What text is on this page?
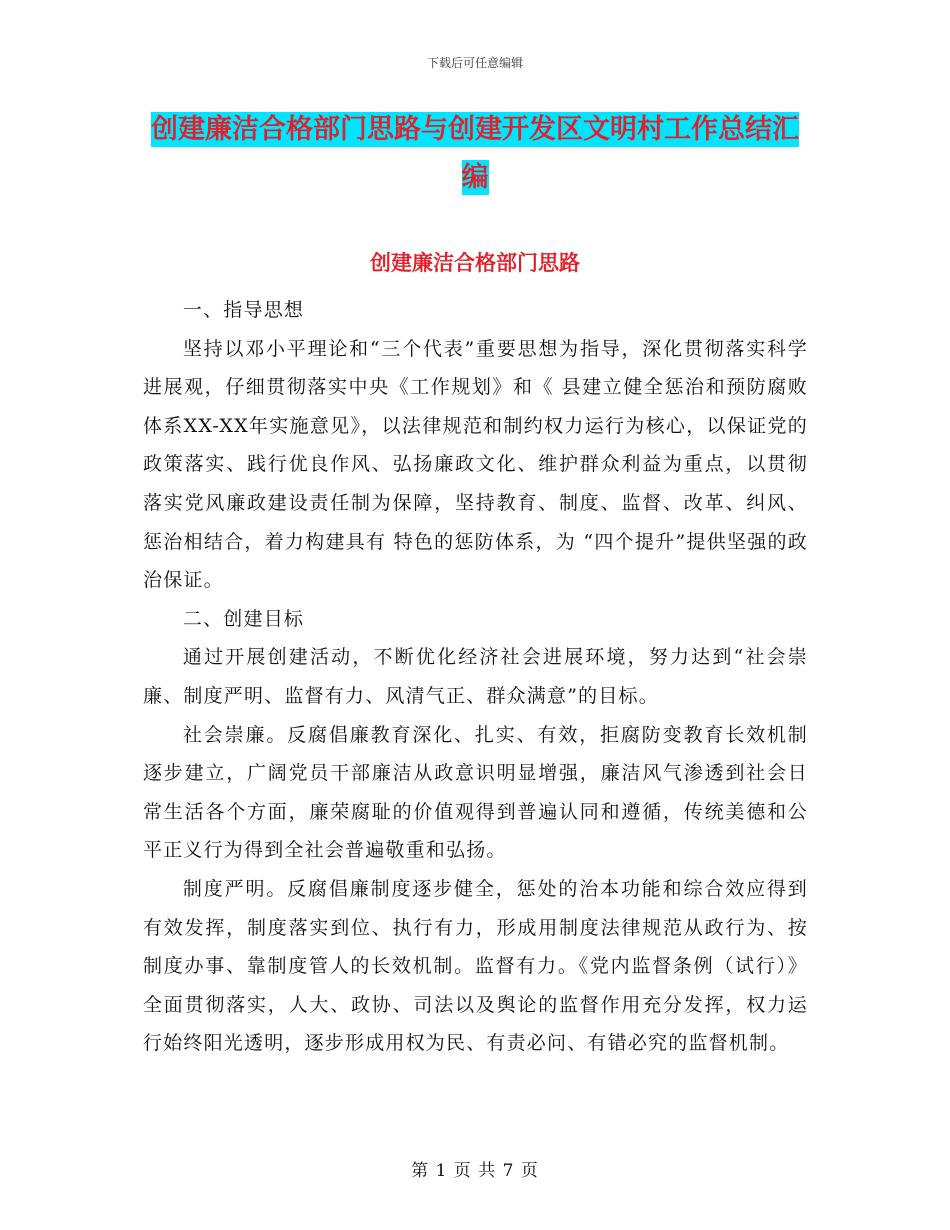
下载后可任意编辑
创建廉洁合格部门思路与创建开发区文明村工作总结汇编
创建廉洁合格部门思路

一、指导思想

坚持以邓小平理论和“三个代表”重要思想为指导，深化贯彻落实科学进展观，仔细贯彻落实中央《工作规划》和《 县建立健全惩治和预防腐败体系XX-XX年实施意见》，以法律规范和制约权力运行为核心，以保证党的政策落实、践行优良作风、弘扬廉政文化、维护群众利益为重点，以贯彻落实党风廉政建设责任制为保障，坚持教育、制度、监督、改革、纠风、惩治相结合，着力构建具有 特色的惩防体系，为 “四个提升”提供坚强的政治保证。

二、创建目标

通过开展创建活动，不断优化经济社会进展环境，努力达到“社会崇廉、制度严明、监督有力、风清气正、群众满意”的目标。

社会崇廉。反腐倡廉教育深化、扎实、有效，拒腐防变教育长效机制逐步建立，广阔党员干部廉洁从政意识明显增强，廉洁风气渗透到社会日常生活各个方面，廉荣腐耻的价值观得到普遍认同和遵循，传统美德和公平正义行为得到全社会普遍敬重和弘扬。

制度严明。反腐倡廉制度逐步健全，惩处的治本功能和综合效应得到有效发挥，制度落实到位、执行有力，形成用制度法律规范从政行为、按制度办事、靠制度管人的长效机制。监督有力。《党内监督条例（试行）》全面贯彻落实，人大、政协、司法以及舆论的监督作用充分发挥，权力运行始终阳光透明，逐步形成用权为民、有责必问、有错必究的监督机制。

第 1 页 共 7 页
